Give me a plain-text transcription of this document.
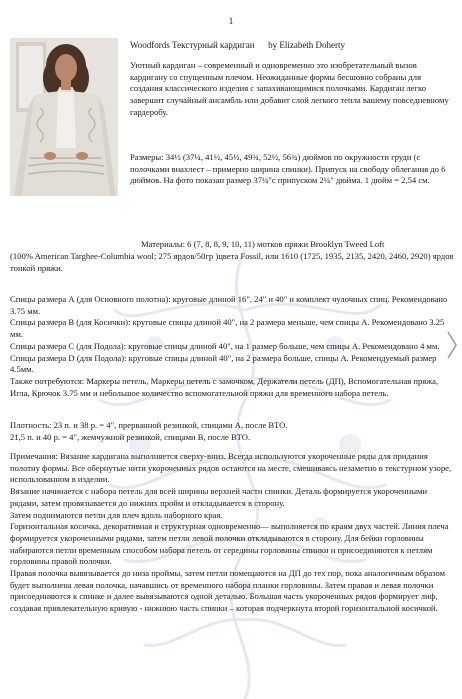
1
Woodfords Текстурный кардиган by Elizabeth Doherty

Уютный кардиган – современный и одновременно это изобретательный вызов кардигану со спущенным плечом. Неожиданные формы бесшовно собраны для создания классического изделия с запахивающимися полочками. Кардиган легко завершит случайный ансамбль или добавит слой легкого тепла вашему повседневному гардеробу.

Размеры: 34½ (37¼, 41½, 45½, 49¾, 52½, 56¾) дюймов по окружности груди (с полочками внахлест – примерно ширина спинки). Припуск на свободу облегания до 6 дюймов. На фото показан размер 37¼"с припуском 2¼" дюйма. 1 дюйм = 2,54 см.

Материалы: 6 (7, 8, 8, 9, 10, 11) мотков пряжи Brooklyn Tweed Loft

(100% American Targhee-Columbia wool; 275 ярдов/50гр )цвета Fossil, или 1610 (1725, 1935, 2135, 2420, 2460, 2920) ярдов тонкой пряжи.

Спицы размера А (для Основного полотна): круговые длиной 16", 24" и 40" и комплект чулочных спиц. Рекомендовано 3.75 мм.

Спицы размера В (для Косички): круговые спицы длиной 40", на 2 размера меньше, чем спицы А. Рекомендовано 3.25 мм.

Спицы размера С (для Подола): круговые спицы длиной 40", на 1 размер больше, чем спицы А. Рекомендовано 4 мм.

Спицы размера D (для Подола): круговые спицы длиной 40", на 2 размера больше, спицы А. Рекомендуемый размер 4.5мм.

Также потребуются: Маркеры петель, Маркеры петель с замочком, Держатели петель (ДП), Вспомогательная пряжа, Игла, Крючок 3.75 мм и небольшое количество вспомогательной пряжи для временного набора петель.

Плотность: 23 п. и 38 р. = 4", прерванной резинкой, спицами А, после ВТО.

21,5 п. и 40 р. = 4", жемчужной резинкой, спицами В, после ВТО.

Примечания: Вязание кардигана выполняется сверху-вниз. Всегда используются укороченные ряды для придания полотну формы. Все обернутые нити укороченных рядов остаются на месте, смешиваясь незаметно в текстурном узоре, использованном в изделии.

Вязание начинается с набора петель для всей ширины верхней части спинки. Деталь формируется укороченными рядами, затем провязывается до нижних пройм и откладывается в сторону.

Затем поднимаются петли для плеч вдоль наборного края.

Горизонтальная косичка, декоративная и структурная одновременно— выполняется по краям двух частей. Линия плеча формируется укороченными рядами, затем петли левой полочки откладываются в сторону. Для бейки горловины набираются петли временным способом набора петель от середины горловины спинки и присоединяются к петлям горловины правой полочки.

Правая полочка вывязывается до низа проймы, затем петли помещаются на ДП до тех пор, пока аналогичным образом будет выполнена левая полочка, начавшись от временного набора планки горловины. Затем правая и левая полочки присоединяются к спинке и далее вывязываются одной деталью. Большая часть укороченных рядов формирует лиф, создавая привлекательную кривую - нижнюю часть спинки – которая подчеркнута второй горизонтальной косичкой.
